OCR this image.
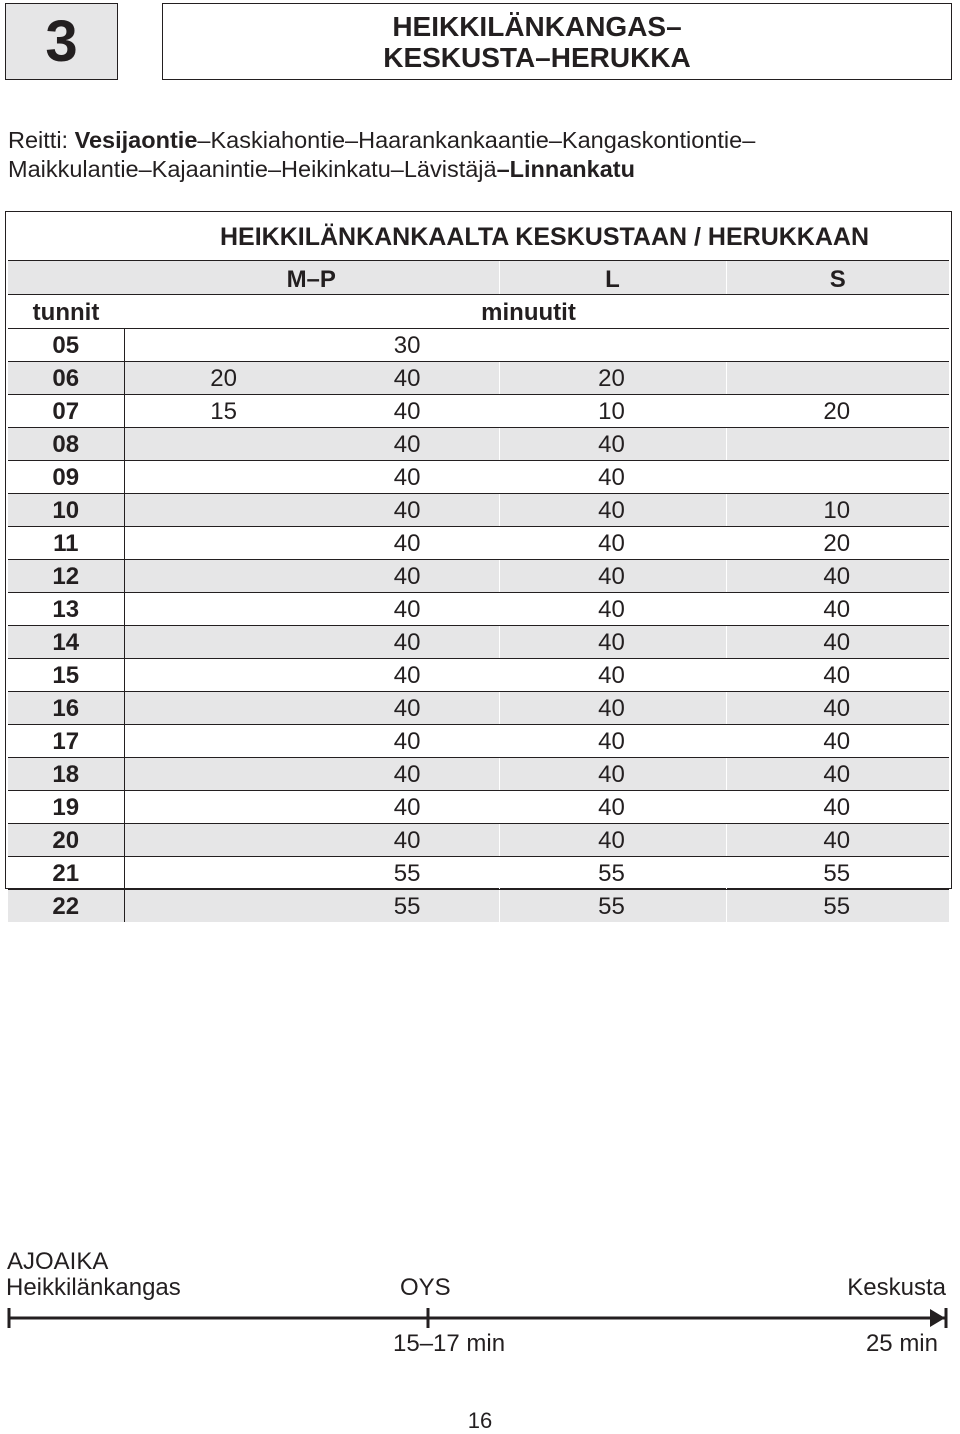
3	HEIKKILÄNKANGAS–
KESKUSTA–HERUKKA
Reitti: Vesijaontie–Kaskiahontie–Haarankankaantie–Kangaskontiontie–
Maikkulantie–Kajaanintie–Heikinkatu–Lävistäjä–Linnankatu
	HEIKKILÄNKANKAALTA KESKUSTAAN / HERUKKAAN			
	M–P		L	S
tunnit	minuutit			
05		30		
06	20	40	20	
07	15	40	10	20
08		40	40	
09		40	40	
10		40	40	10
11		40	40	20
12		40	40	40
13		40	40	40
14		40	40	40
15		40	40	40
16		40	40	40
17		40	40	40
18		40	40	40
19		40	40	40
20		40	40	40
21		55	55	55
22		55	55	55
AJOAIKA
Heikkilänkangas	OYS	Keskusta
15–17 min	25 min
16
